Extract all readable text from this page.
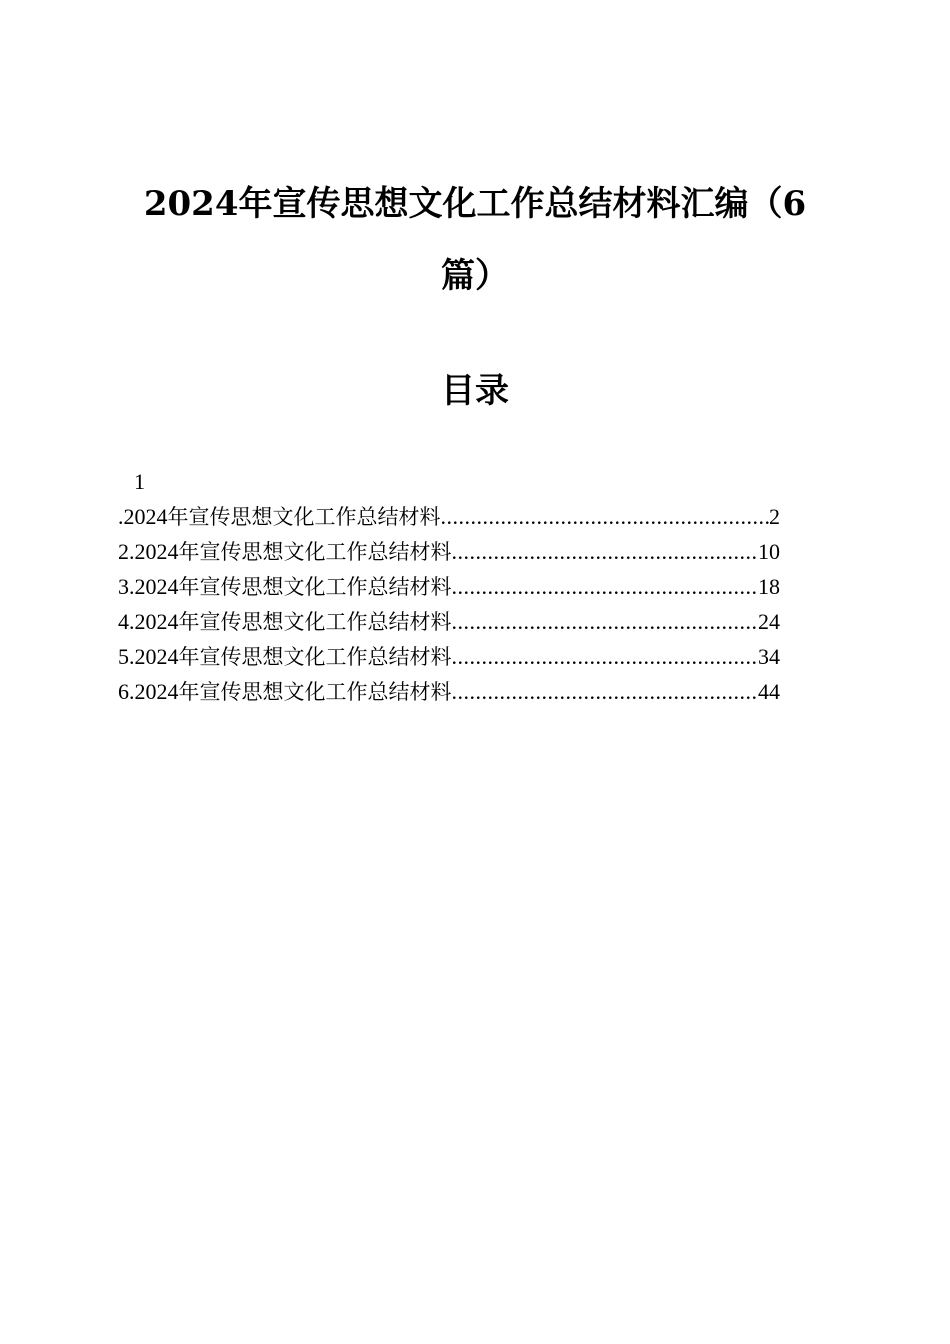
2024年宣传思想文化工作总结材料汇编（6篇）
目录
1
.2024 年宣传思想文化工作总结材料 .....	2
2.2024 年宣传思想文化工作总结材料 .....	10
3.2024 年宣传思想文化工作总结材料 .....	18
4.2024 年宣传思想文化工作总结材料 .....	24
5.2024 年宣传思想文化工作总结材料 .....	34
6.2024 年宣传思想文化工作总结材料 .....	44
